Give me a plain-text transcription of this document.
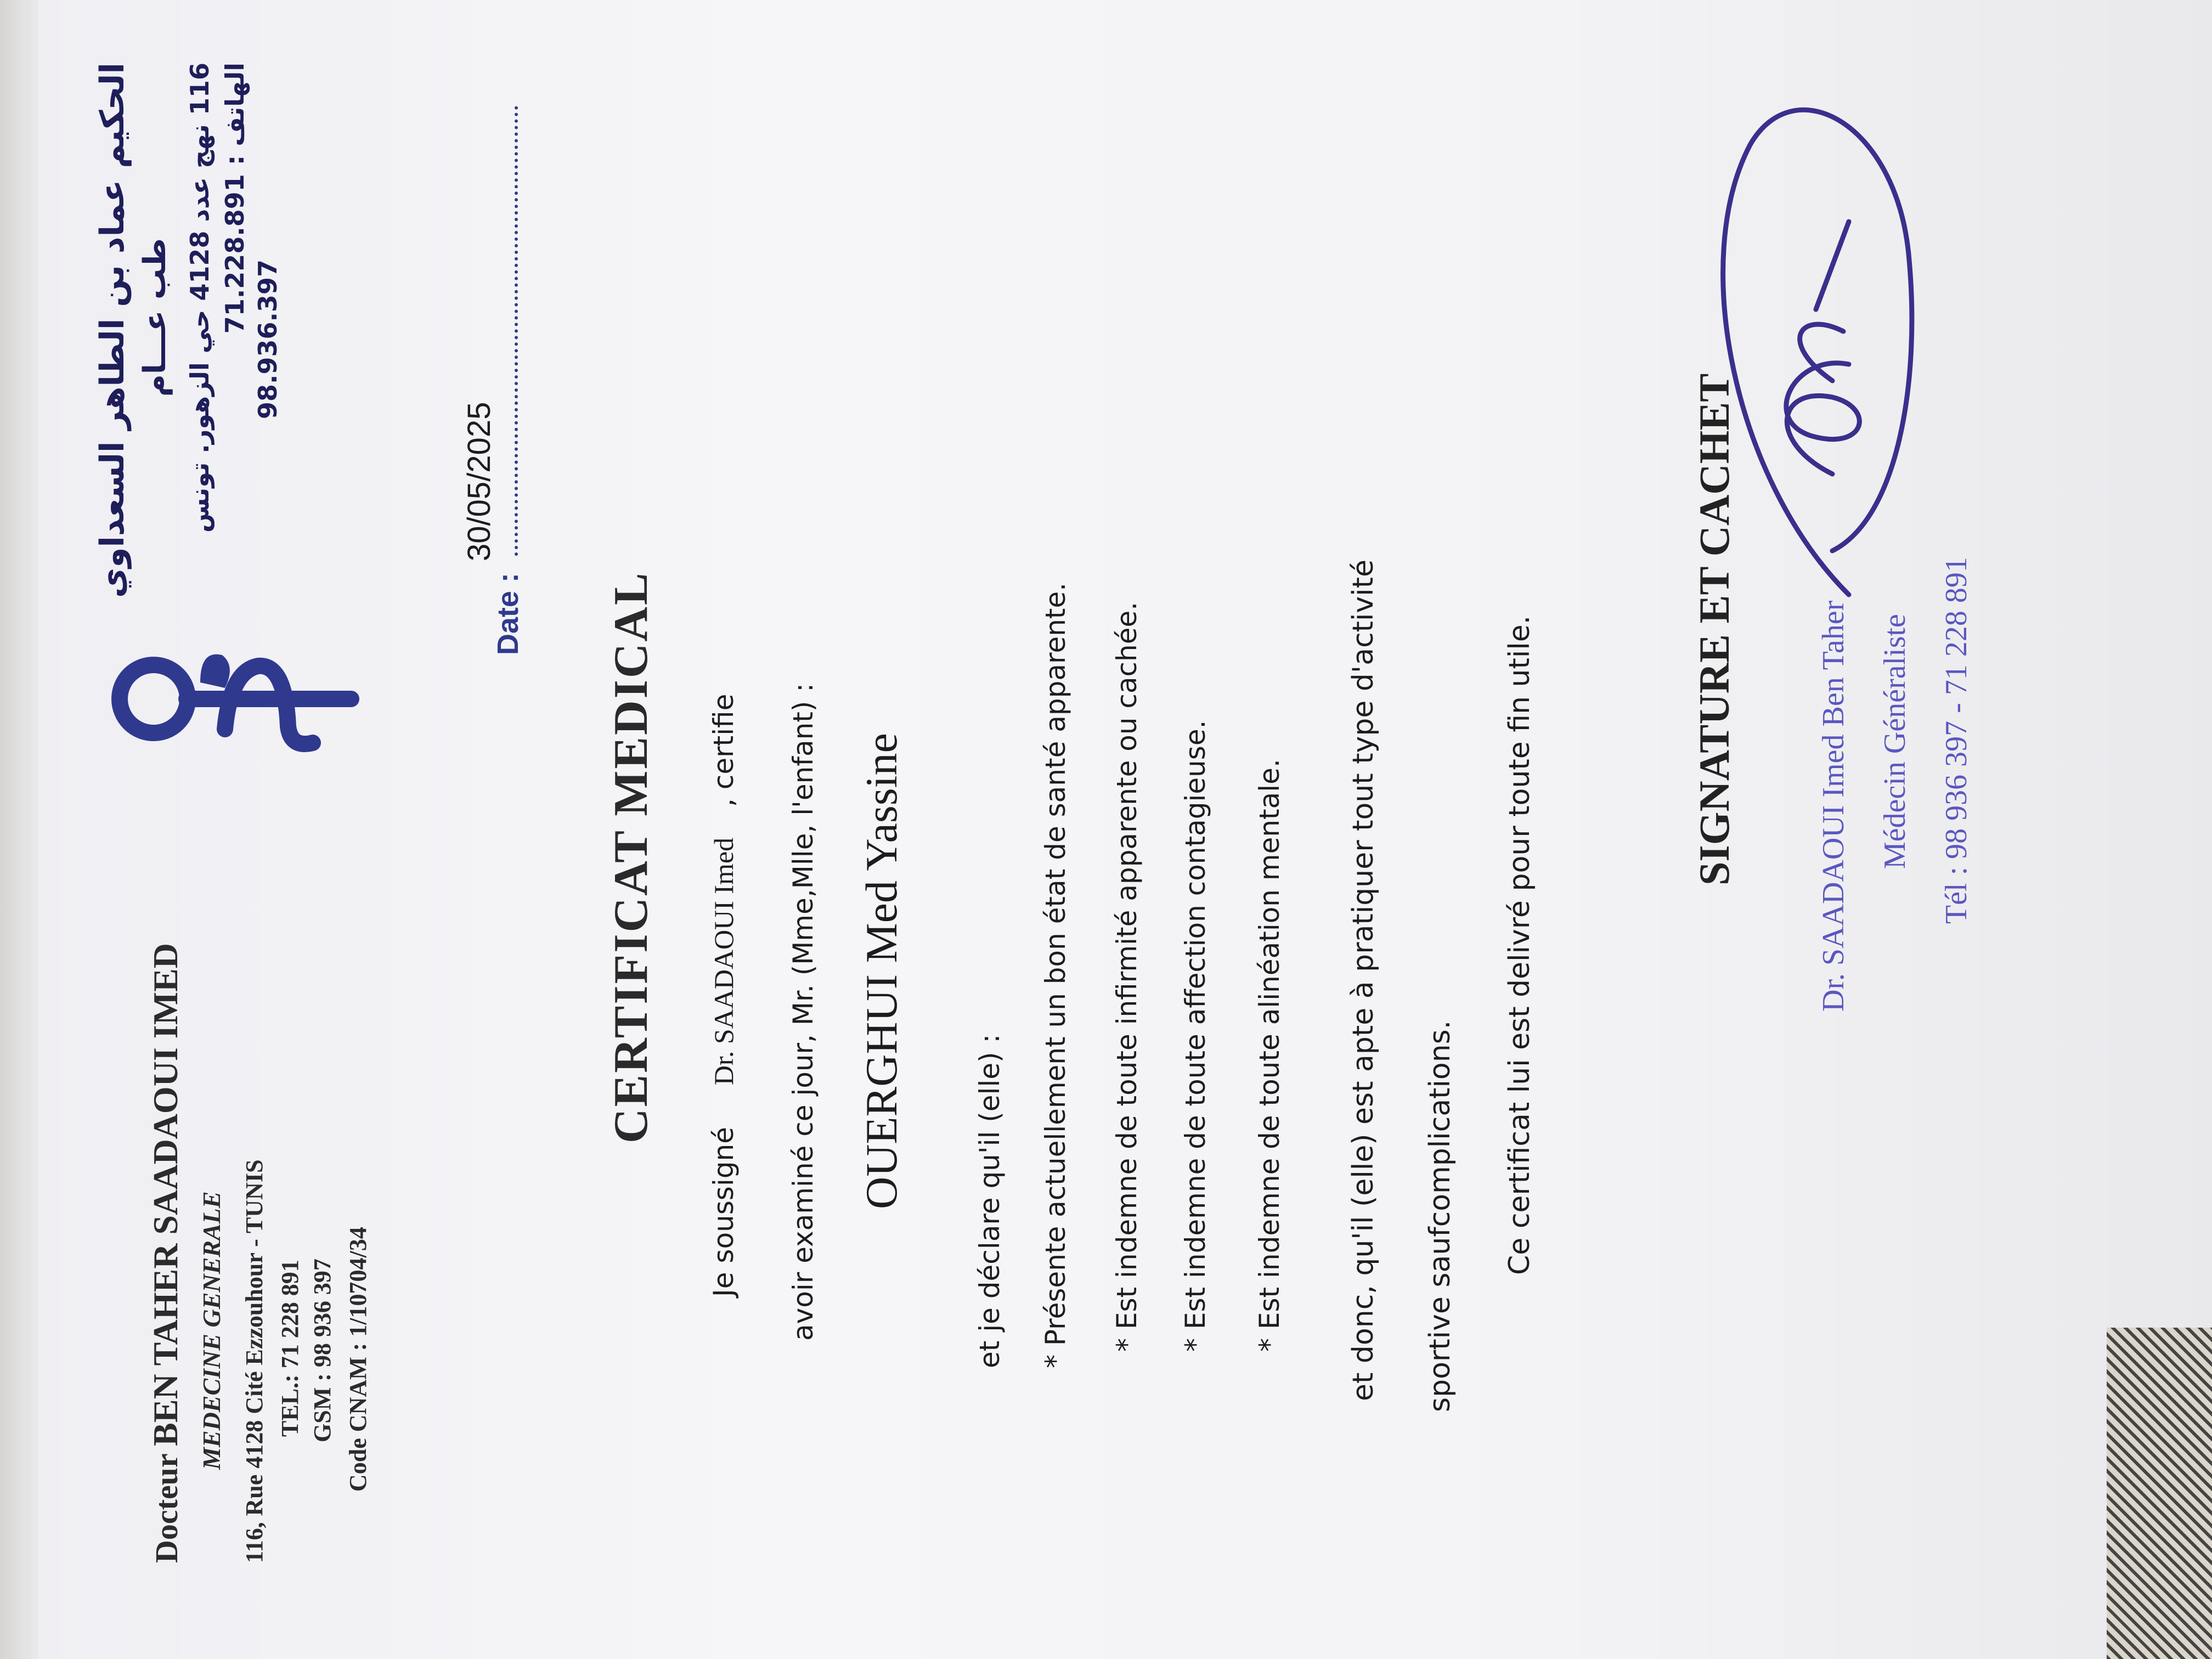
Docteur BEN TAHER SAADAOUI IMED MEDECINE GENERALE 116, Rue 4128 Cité Ezzouhour - TUNIS TEL.: 71 228 891 GSM : 98 936 397 Code CNAM : 1/10704/34
الحكيم عماد بن الطاهر السعداوي طب عـــام 116 نهج عدد 4128 حي الزهور. تونس
الهاتف : 71.228.891
98.936.397
Date :
30/05/2025
CERTIFICAT MEDICAL
Je soussigné Dr. SAADAOUI Imed , certifie avoir examiné ce jour, Mr. (Mme,Mlle, l'enfant) : OUERGHUI Med Yassine et je déclare qu'il (elle) : * Présente actuellement un bon état de santé apparente. * Est indemne de toute infirmité apparente ou cachée. * Est indemne de toute affection contagieuse. * Est indemne de toute alinéation mentale. et donc, qu'il (elle) est apte à pratiquer tout type d'activité sportive saufcomplications. Ce certificat lui est delivré pour toute fin utile.	SIGNATURE ET CACHET	Dr. SAADAOUI Imed Ben Taher Médecin Généraliste Tél : 98 936 397 - 71 228 891
